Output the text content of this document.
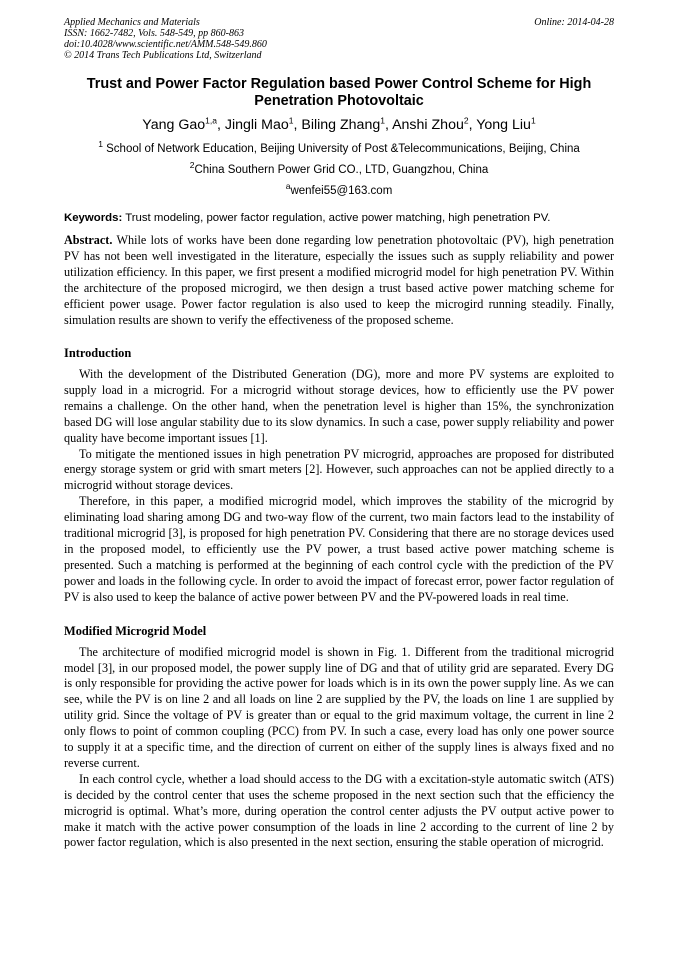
Applied Mechanics and Materials
ISSN: 1662-7482, Vols. 548-549, pp 860-863
doi:10.4028/www.scientific.net/AMM.548-549.860
© 2014 Trans Tech Publications Ltd, Switzerland
Online: 2014-04-28
Trust and Power Factor Regulation based Power Control Scheme for High Penetration Photovoltaic
Yang Gao$^{1,a}$, Jingli Mao$^1$, Biling Zhang$^1$, Anshi Zhou$^2$, Yong Liu$^1$
$^1$ School of Network Education, Beijing University of Post &Telecommunications, Beijing, China
$^2$China Southern Power Grid CO., LTD, Guangzhou, China
$^a$wenfei55@163.com
Keywords: Trust modeling, power factor regulation, active power matching, high penetration PV.
Abstract. While lots of works have been done regarding low penetration photovoltaic (PV), high penetration PV has not been well investigated in the literature, especially the issues such as supply reliability and power utilization efficiency. In this paper, we first present a modified microgrid model for high penetration PV. Within the architecture of the proposed microgird, we then design a trust based active power matching scheme for efficient power usage. Power factor regulation is also used to keep the microgird running steadily. Finally, simulation results are shown to verify the effectiveness of the proposed scheme.
Introduction

With the development of the Distributed Generation (DG), more and more PV systems are exploited to supply load in a microgrid. For a microgrid without storage devices, how to efficiently use the PV power remains a challenge. On the other hand, when the penetration level is higher than 15%, the synchronization based DG will lose angular stability due to its slow dynamics. In such a case, power supply reliability and power quality have become important issues [1].

To mitigate the mentioned issues in high penetration PV microgrid, approaches are proposed for distributed energy storage system or grid with smart meters [2]. However, such approaches can not be applied directly to a microgrid without storage devices.

Therefore, in this paper, a modified microgrid model, which improves the stability of the microgrid by eliminating load sharing among DG and two-way flow of the current, two main factors lead to the instability of traditional microgrid [3], is proposed for high penetration PV. Considering that there are no storage devices used in the proposed model, to efficiently use the PV power, a trust based active power matching scheme is presented. Such a matching is performed at the beginning of each control cycle with the prediction of the PV power and loads in the following cycle. In order to avoid the impact of forecast error, power factor regulation of PV is also used to keep the balance of active power between PV and the PV-powered loads in real time.

Modified Microgrid Model

The architecture of modified microgrid model is shown in Fig. 1. Different from the traditional microgrid model [3], in our proposed model, the power supply line of DG and that of utility grid are separated. Every DG is only responsible for providing the active power for loads which is in its own the power supply line. As we can see, while the PV is on line 2 and all loads on line 2 are supplied by the PV, the loads on line 1 are supplied by utility grid. Since the voltage of PV is greater than or equal to the grid maximum voltage, the current in line 2 only flows to point of common coupling (PCC) from PV. In such a case, every load has only one power source to supply it at a specific time, and the direction of current on either of the supply lines is always fixed and no reverse current.

In each control cycle, whether a load should access to the DG with a excitation-style automatic switch (ATS) is decided by the control center that uses the scheme proposed in the next section such that the efficiency the microgrid is optimal. What’s more, during operation the control center adjusts the PV output active power to make it match with the active power consumption of the loads in line 2 according to the current of line 2 by power factor regulation, which is also presented in the next section, ensuring the stable operation of microgrid.
